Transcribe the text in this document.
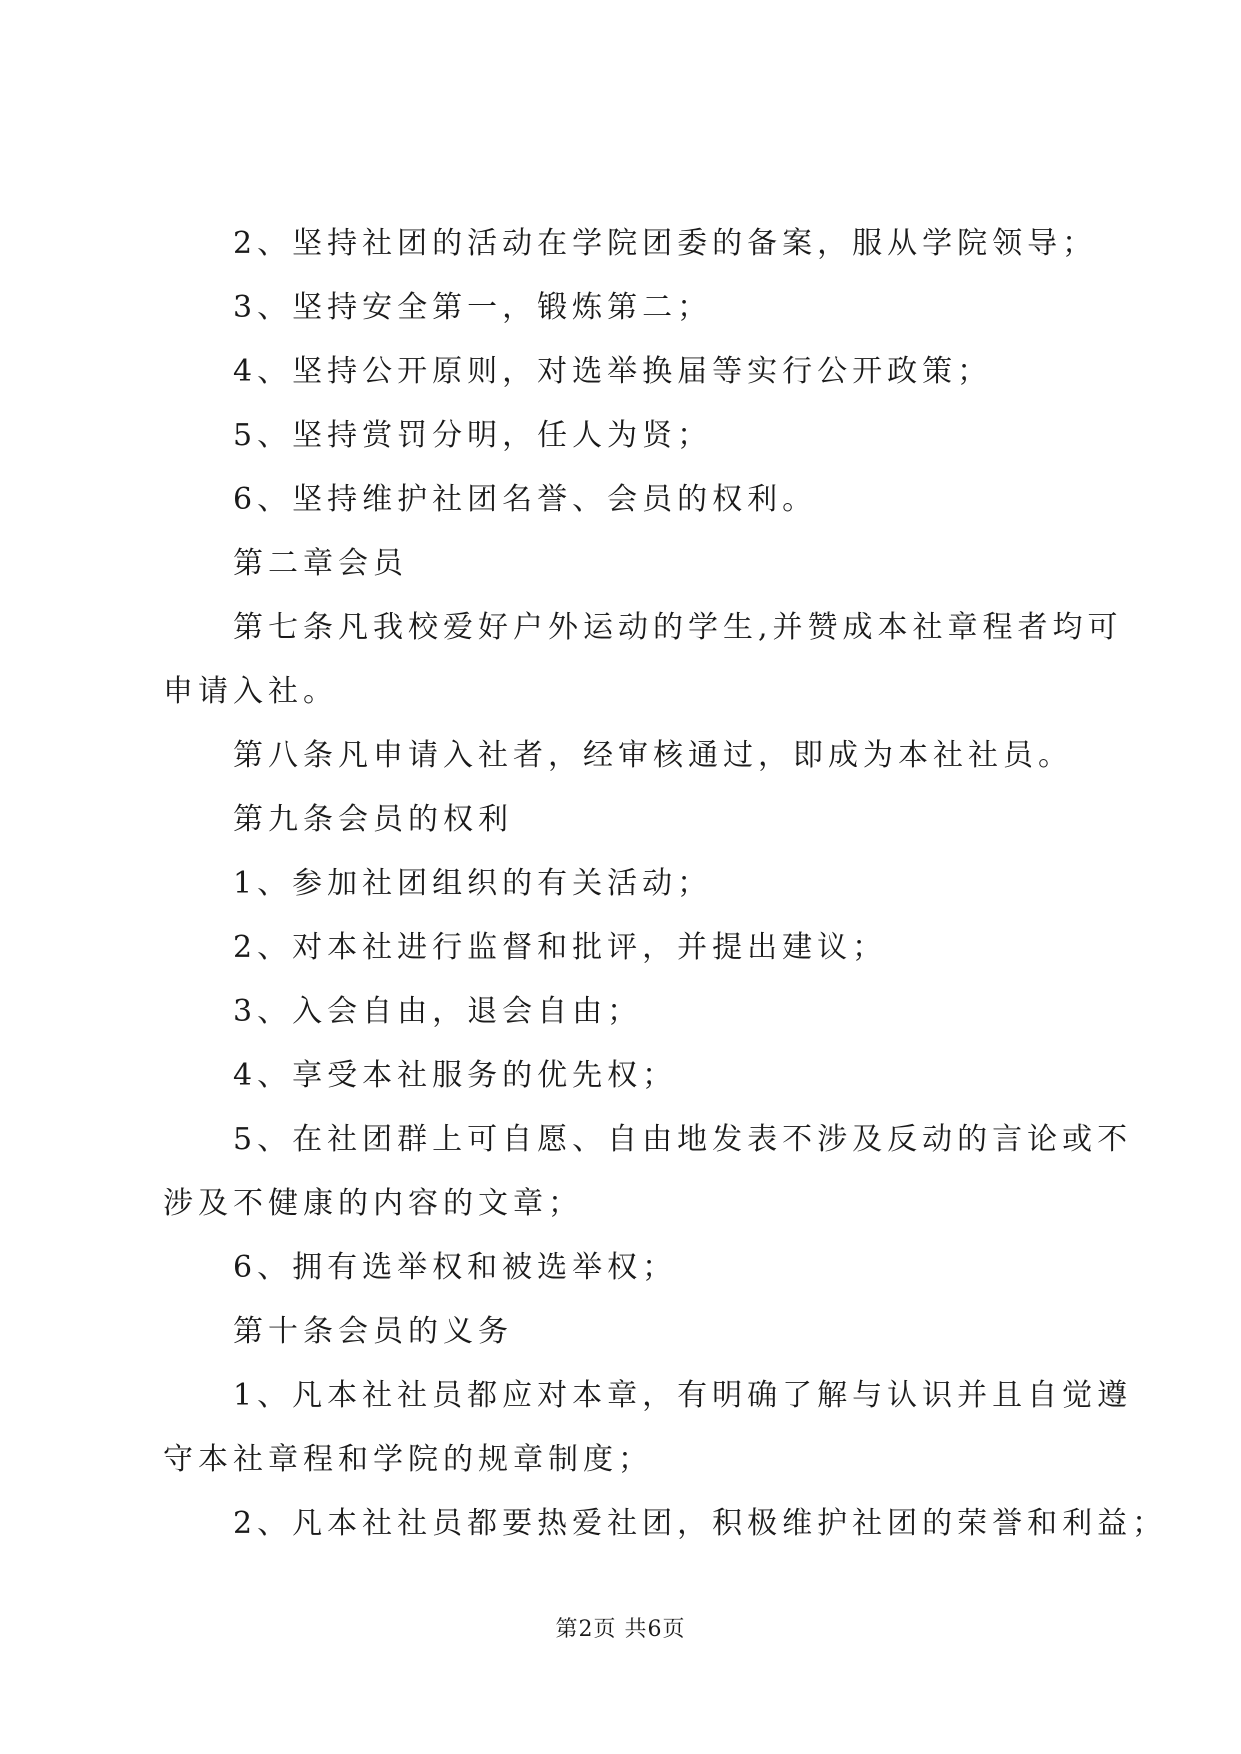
2、坚持社团的活动在学院团委的备案，服从学院领导；
3、坚持安全第一，锻炼第二；
4、坚持公开原则，对选举换届等实行公开政策；
5、坚持赏罚分明，任人为贤；
6、坚持维护社团名誉、会员的权利。
第二章会员
第七条凡我校爱好户外运动的学生,并赞成本社章程者均可
申请入社。
第八条凡申请入社者，经审核通过，即成为本社社员。
第九条会员的权利
1、参加社团组织的有关活动；
2、对本社进行监督和批评，并提出建议；
3、入会自由，退会自由；
4、享受本社服务的优先权；
5、在社团群上可自愿、自由地发表不涉及反动的言论或不
涉及不健康的内容的文章；
6、拥有选举权和被选举权；
第十条会员的义务
1、凡本社社员都应对本章，有明确了解与认识并且自觉遵
守本社章程和学院的规章制度；
2、凡本社社员都要热爱社团，积极维护社团的荣誉和利益；
第2页 共6页
